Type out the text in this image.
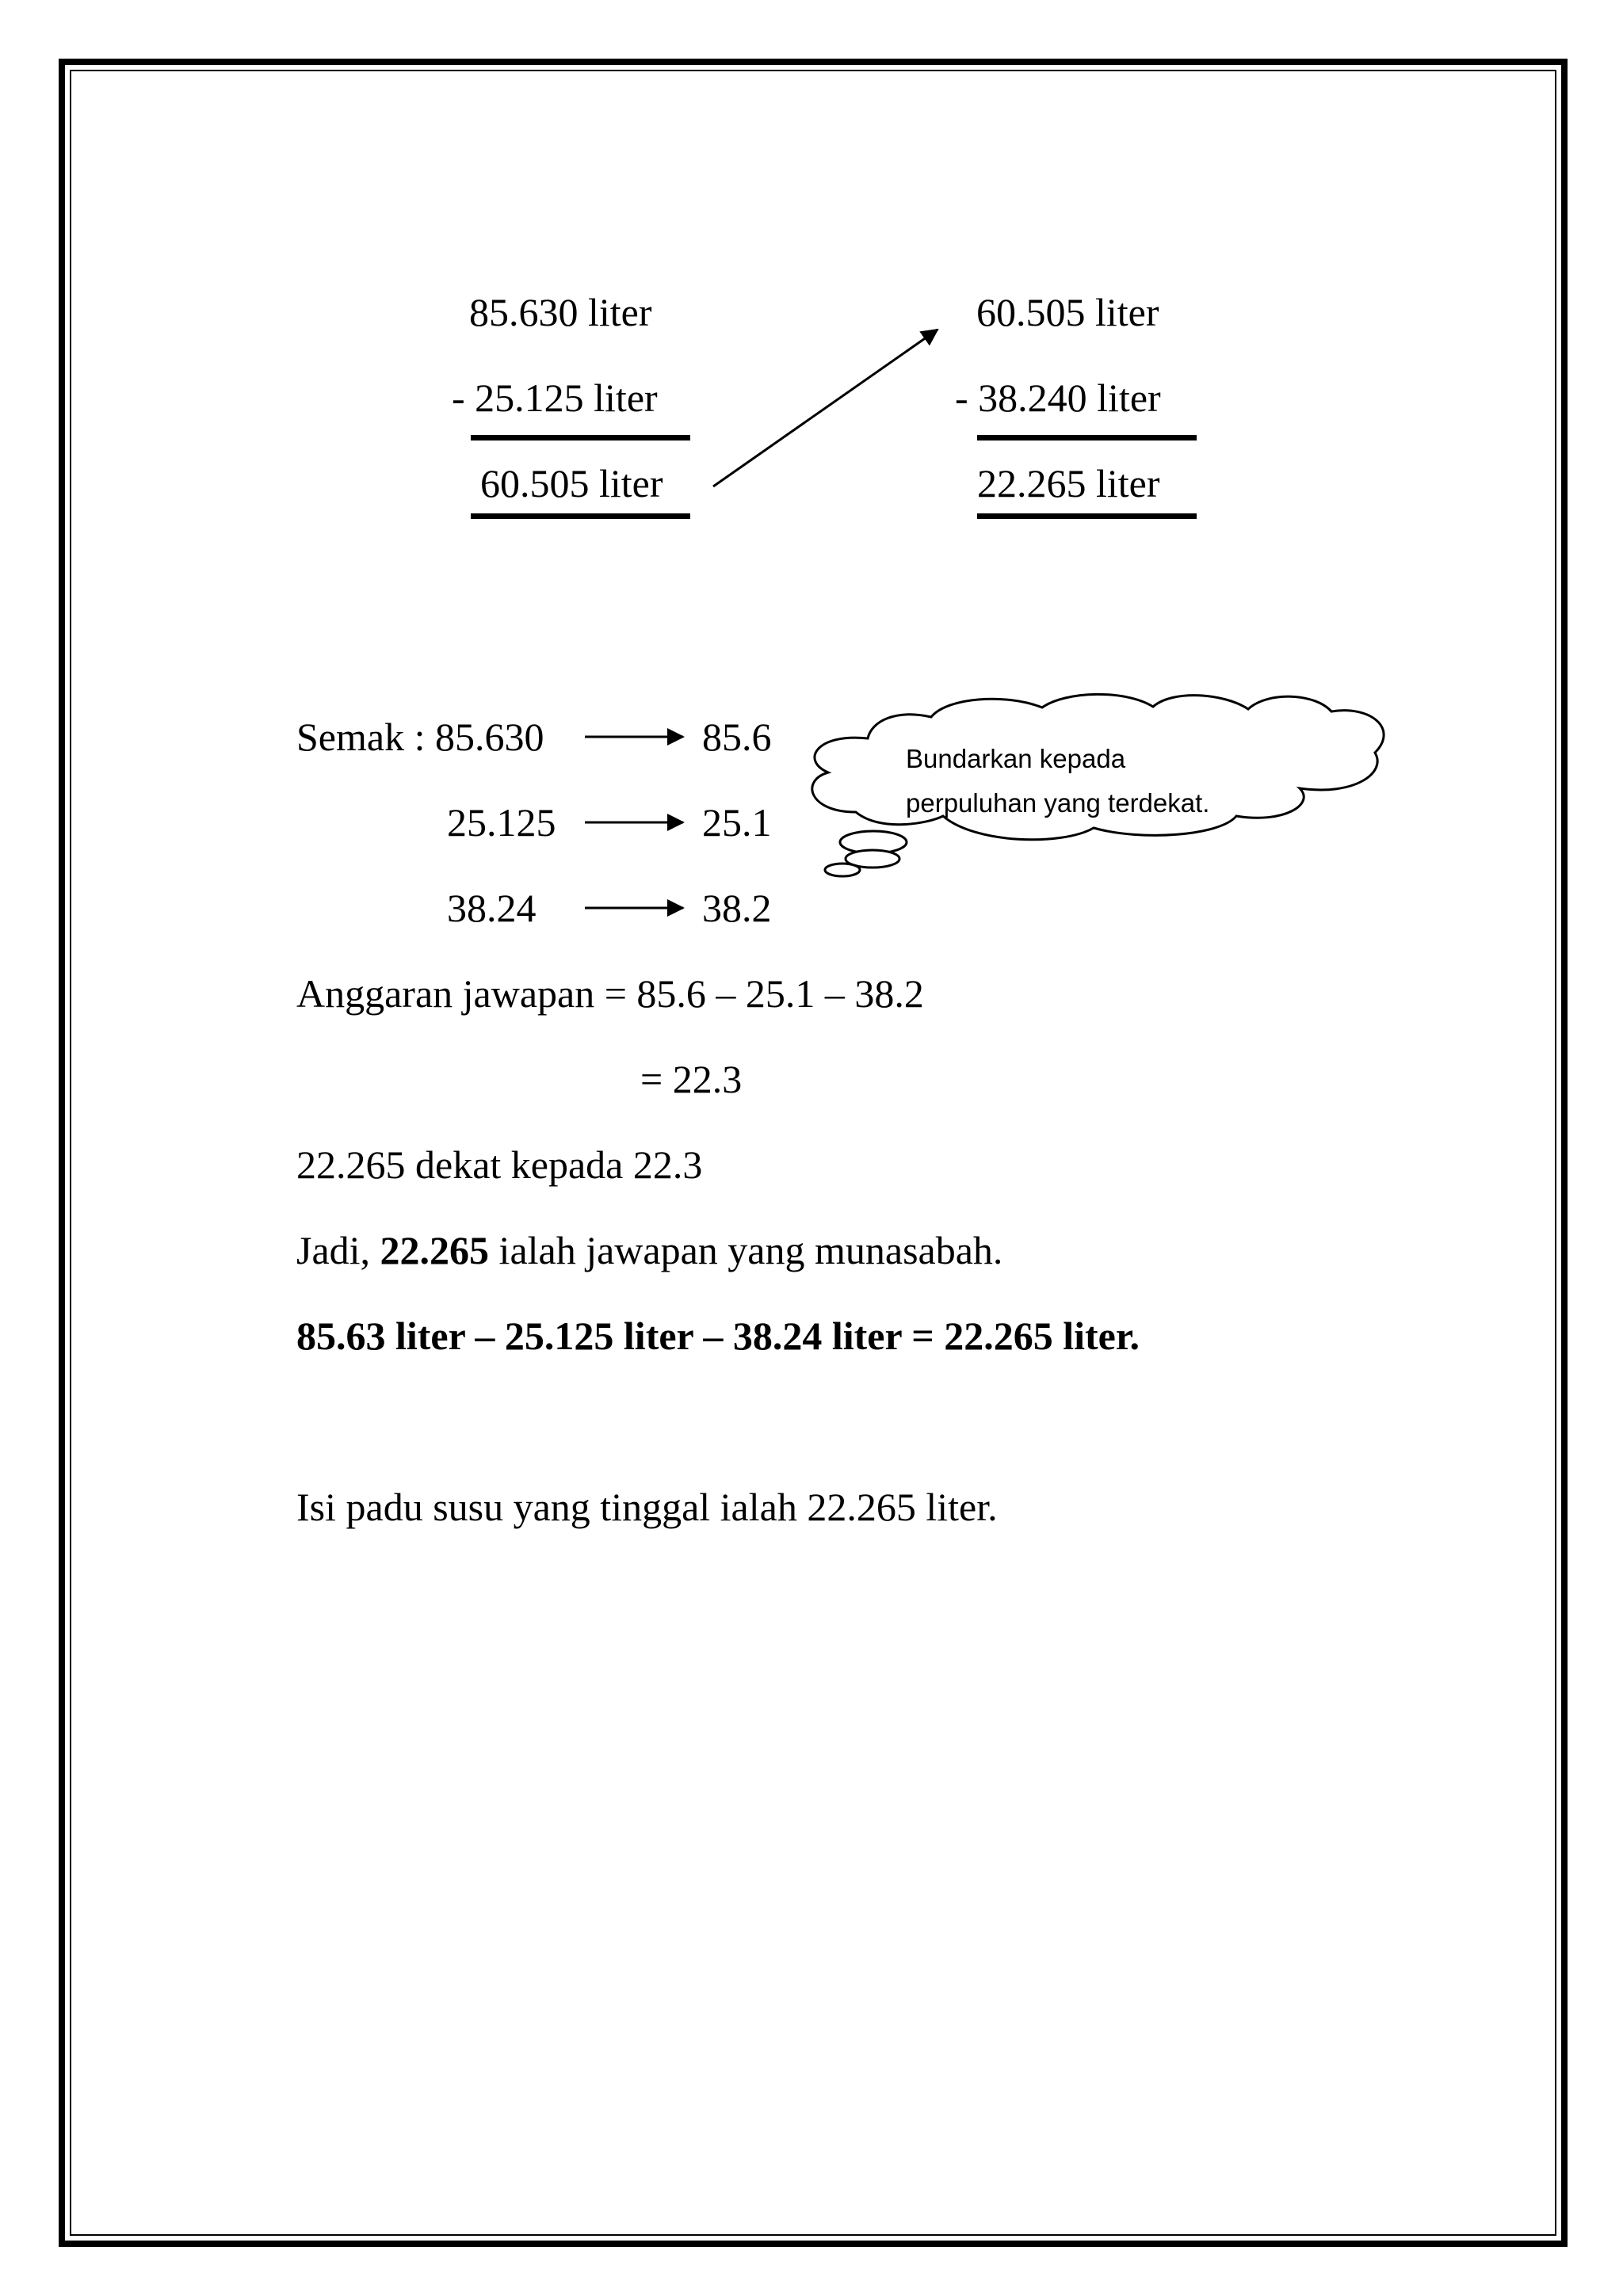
85.630 liter
- 25.125 liter
60.505 liter
60.505 liter
- 38.240 liter
22.265 liter
Bundarkan kepada
perpuluhan yang terdekat.
Semak : 85.630	85.6
25.125	25.1
38.24	38.2
Anggaran jawapan = 85.6 – 25.1 – 38.2
= 22.3
22.265 dekat kepada 22.3
Jadi, 22.265 ialah jawapan yang munasabah.
85.63 liter – 25.125 liter – 38.24 liter = 22.265 liter.
Isi padu susu yang tinggal ialah 22.265 liter.
